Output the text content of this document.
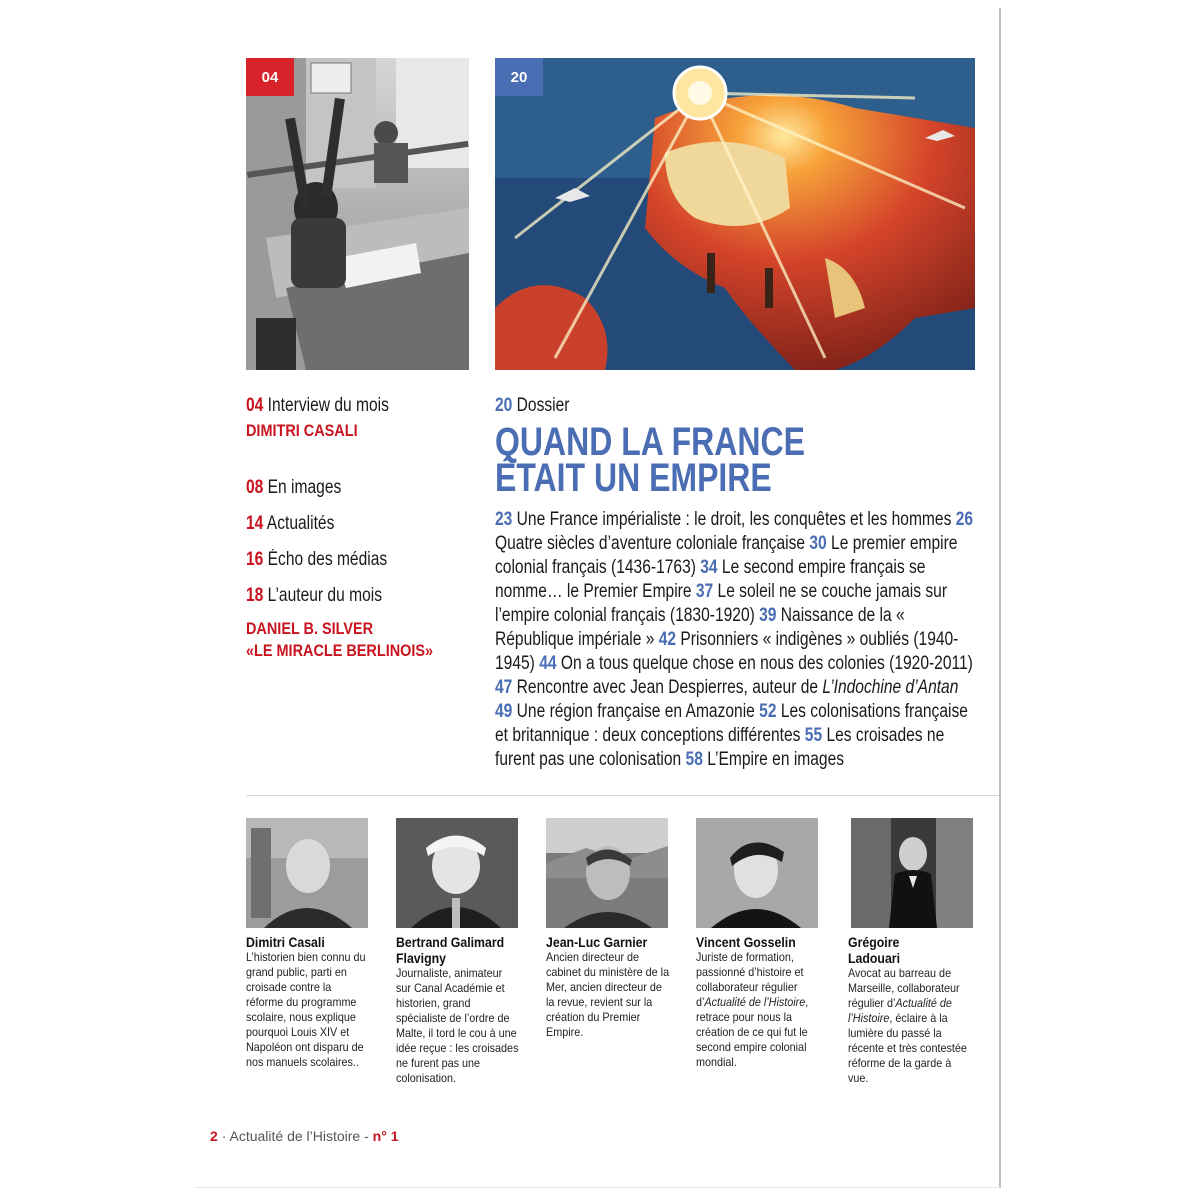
04	20
04 Interview du mois
DIMITRI CASALI
08 En images
14 Actualités
16 Écho des médias
18 L’auteur du mois
DANIEL B. SILVER
«LE MIRACLE BERLINOIS»
20 Dossier
QUAND LA FRANCE
ÉTAIT UN EMPIRE
23 Une France impérialiste : le droit, les conquêtes et les hommes 26 Quatre siècles d’aventure coloniale française 30 Le premier empire colonial français (1436-1763) 34 Le second empire français se nomme… le Premier Empire 37 Le soleil ne se couche jamais sur l’empire colonial français (1830-1920) 39 Naissance de la « République impériale » 42 Prisonniers « indigènes » oubliés (1940-1945) 44 On a tous quelque chose en nous des colonies (1920-2011) 47 Rencontre avec Jean Despierres, auteur de L’Indochine d’Antan 49 Une région française en Amazonie 52 Les colonisations française et britannique : deux conceptions différentes 55 Les croisades ne furent pas une colonisation 58 L’Empire en images
Dimitri Casali
L’historien bien connu du grand public, parti en croisade contre la réforme du programme scolaire, nous explique pourquoi Louis XIV et Napoléon ont disparu de nos manuels scolaires..
Bertrand Galimard Flavigny
Journaliste, animateur sur Canal Académie et historien, grand spécialiste de l’ordre de Malte, il tord le cou à une idée reçue : les croisades ne furent pas une colonisation.
Jean-Luc Garnier
Ancien directeur de cabinet du ministère de la Mer, ancien directeur de la revue, revient sur la création du Premier Empire.
Vincent Gosselin
Juriste de formation, passionné d’histoire et collaborateur régulier d’Actualité de l’Histoire, retrace pour nous la création de ce qui fut le second empire colonial mondial.
Grégoire Ladouari
Avocat au barreau de Marseille, collaborateur régulier d’Actualité de l’Histoire, éclaire à la lumière du passé la récente et très contestée réforme de la garde à vue.
2 · Actualité de l’Histoire - n° 1
